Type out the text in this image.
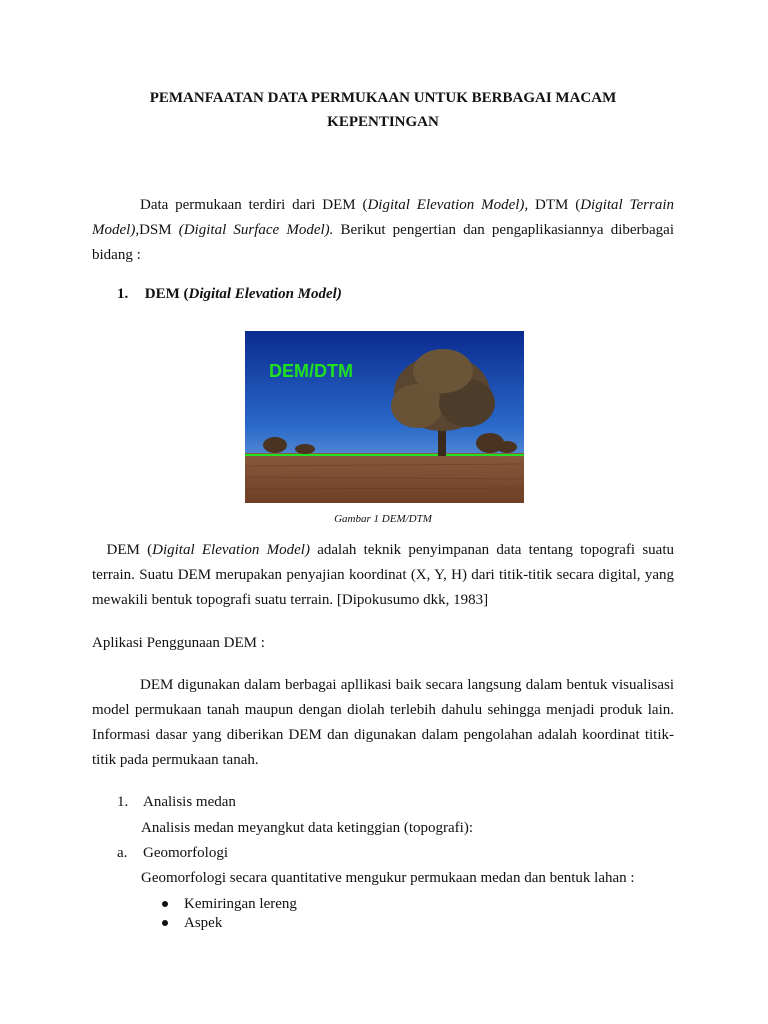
PEMANFAATAN DATA PERMUKAAN UNTUK BERBAGAI MACAM
KEPENTINGAN
Data permukaan terdiri dari DEM (Digital Elevation Model), DTM (Digital Terrain Model),DSM (Digital Surface Model). Berikut pengertian dan pengaplikasiannya diberbagai bidang :
1. DEM (Digital Elevation Model)
DEM/DTM
Gambar 1 DEM/DTM
DEM (Digital Elevation Model) adalah teknik penyimpanan data tentang topografi suatu terrain. Suatu DEM merupakan penyajian koordinat (X, Y, H) dari titik-titik secara digital, yang mewakili bentuk topografi suatu terrain. [Dipokusumo dkk, 1983]
Aplikasi Penggunaan DEM :
DEM digunakan dalam berbagai apllikasi baik secara langsung dalam bentuk visualisasi model permukaan tanah maupun dengan diolah terlebih dahulu sehingga menjadi produk lain. Informasi dasar yang diberikan DEM dan digunakan dalam pengolahan adalah koordinat titik-titik pada permukaan tanah.
1. Analisis medan
Analisis medan meyangkut data ketinggian (topografi):
a. Geomorfologi
Geomorfologi secara quantitative mengukur permukaan medan dan bentuk lahan :
Kemiringan lereng
Aspek
